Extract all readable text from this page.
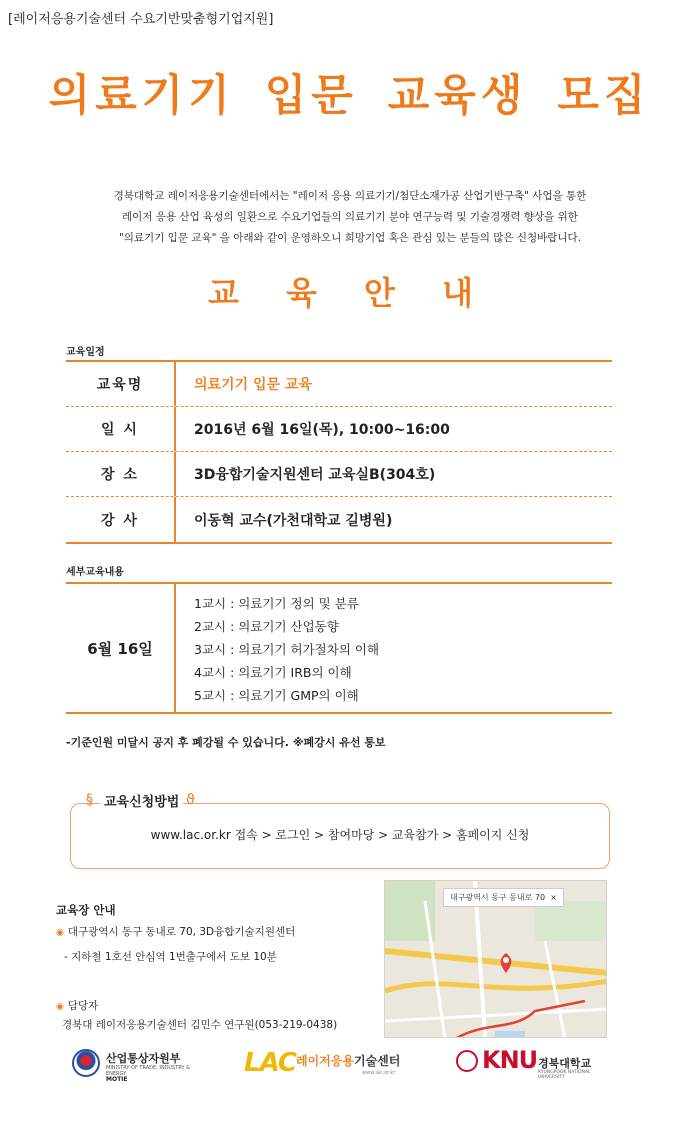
[레이저응용기술센터 수요기반맞춤형기업지원]
의료기기 입문 교육생 모집
경북대학교 레이저응용기술센터에서는 "레이저 응용 의료기기/첨단소재가공 산업기반구축" 사업을 통한
레이저 응용 산업 육성의 일환으로 수요기업들의 의료기기 분야 연구능력 및 기술경쟁력 향상을 위한
"의료기기 입문 교육" 을 아래와 같이 운영하오니 희망기업 혹은 관심 있는 분들의 많은 신청바랍니다.
교 육 안 내
교육일정
교육명	의료기기 입문 교육
일 시	2016년 6월 16일(목), 10:00~16:00
장 소	3D융합기술지원센터 교육실B(304호)
강 사	이동혁 교수(가천대학교 길병원)
세부교육내용
6월 16일
1교시 : 의료기기 정의 및 분류
2교시 : 의료기기 산업동향
3교시 : 의료기기 허가절차의 이해
4교시 : 의료기기 IRB의 이해
5교시 : 의료기기 GMP의 이해
-기준인원 미달시 공지 후 폐강될 수 있습니다. ※폐강시 유선 통보
§ 교육신청방법 ϑ
www.lac.or.kr 접속 > 로그인 > 참여마당 > 교육참가 > 홈페이지 신청
교육장 안내
◉ 대구광역시 동구 동내로 70, 3D융합기술지원센터
- 지하철 1호선 안심역 1번출구에서 도보 10분
◉ 담당자
경북대 레이저응용기술센터 김민수 연구원(053-219-0438)
대구광역시 동구 동내로 70 ×
산업통상자원부
MINISTRY OF TRADE, INDUSTRY & ENERGY
MOTIE
LAC 레이저응용기술센터
www.lac.or.kr	KNU 경북대학교
KYUNGPOOK NATIONAL UNIVERSITY
